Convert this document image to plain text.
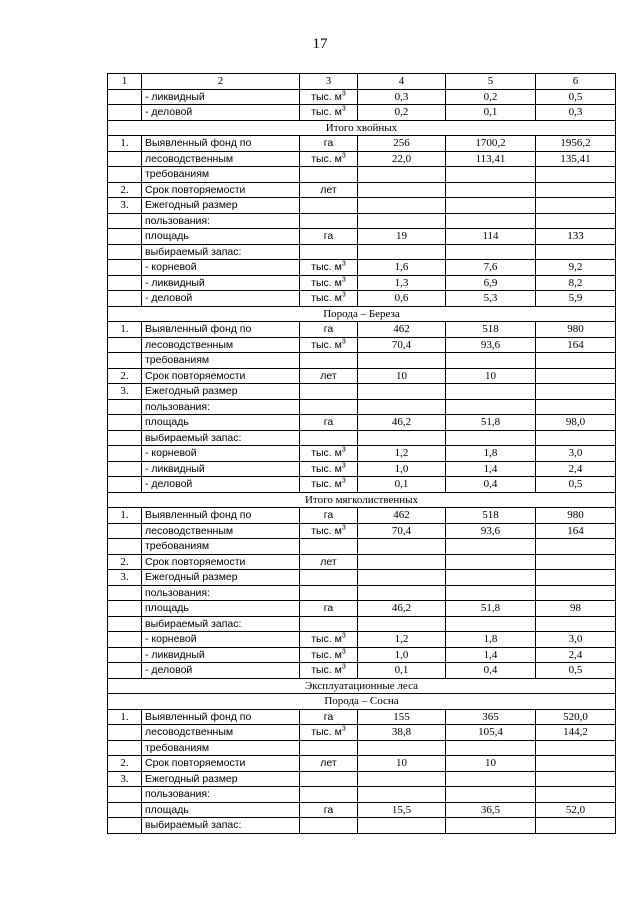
17
1	2	3	4	5	6
	- ликвидный	тыс. $м^3$	0,3	0,2	0,5
	- деловой	тыс. $м^3$	0,2	0,1	0,3
Итого хвойных					
1.	Выявленный фонд по	га	256	1700,2	1956,2
	лесоводственным	тыс. $м^3$	22,0	113,41	135,41
	требованиям				
2.	Срок повторяемости	лет			
3.	Ежегодный размер				
	пользования:				
	площадь	га	19	114	133
	выбираемый запас:				
	- корневой	тыс. $м^3$	1,6	7,6	9,2
	- ликвидный	тыс. $м^3$	1,3	6,9	8,2
	- деловой	тыс. $м^3$	0,6	5,3	5,9
Порода – Береза					
1.	Выявленный фонд по	га	462	518	980
	лесоводственным	тыс. $м^3$	70,4	93,6	164
	требованиям				
2.	Срок повторяемости	лет	10	10	
3.	Ежегодный размер				
	пользования:				
	площадь	га	46,2	51,8	98,0
	выбираемый запас:				
	- корневой	тыс. $м^3$	1,2	1,8	3,0
	- ликвидный	тыс. $м^3$	1,0	1,4	2,4
	- деловой	тыс. $м^3$	0,1	0,4	0,5
Итого мягколиственных					
1.	Выявленный фонд по	га	462	518	980
	лесоводственным	тыс. $м^3$	70,4	93,6	164
	требованиям				
2.	Срок повторяемости	лет			
3.	Ежегодный размер				
	пользования:				
	площадь	га	46,2	51,8	98
	выбираемый запас:				
	- корневой	тыс. $м^3$	1,2	1,8	3,0
	- ликвидный	тыс. $м^3$	1,0	1,4	2,4
	- деловой	тыс. $м^3$	0,1	0,4	0,5
Эксплуатационные леса					
Порода – Сосна					
1.	Выявленный фонд по	га	155	365	520,0
	лесоводственным	тыс. $м^3$	38,8	105,4	144,2
	требованиям				
2.	Срок повторяемости	лет	10	10	
3.	Ежегодный размер				
	пользования:				
	площадь	га	15,5	36,5	52,0
	выбираемый запас:				
